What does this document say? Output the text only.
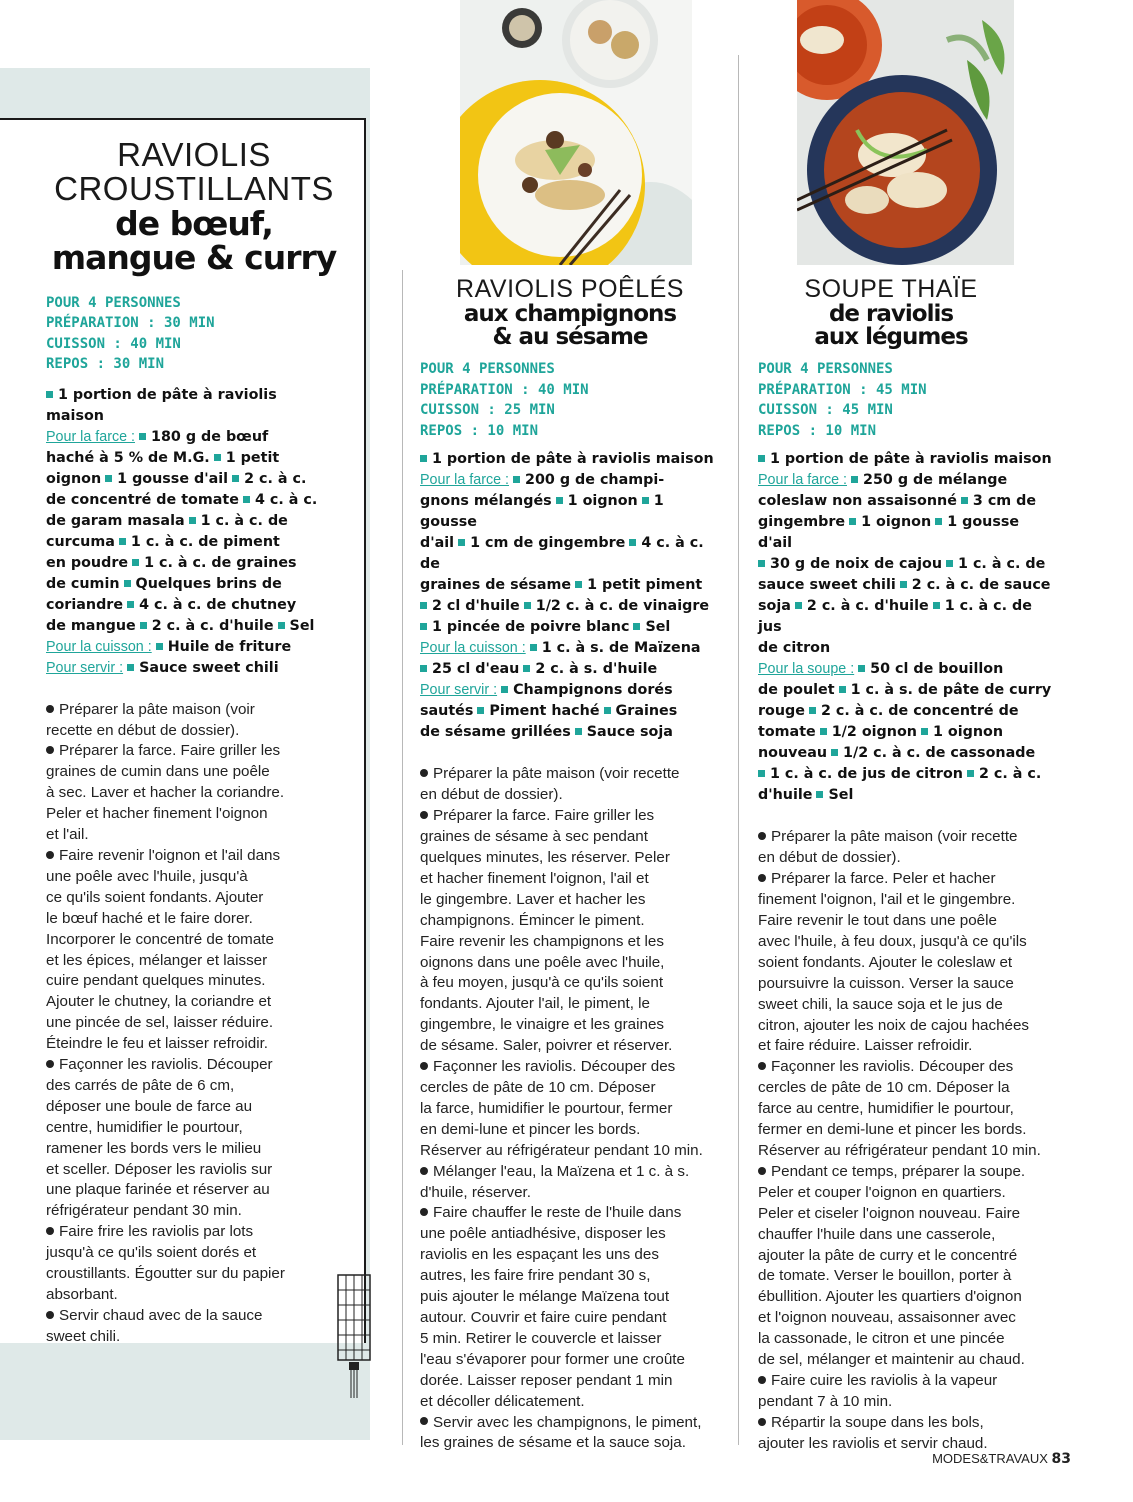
RAVIOLIS

CROUSTILLANTS

de bœuf,

mangue & curry

POUR 4 PERSONNES

PRÉPARATION : 30 MIN

CUISSON : 40 MIN

REPOS : 30 MIN

1 portion de pâte à raviolis

maison

Pour la farce : 180 g de bœuf

haché à 5 % de M.G. 1 petit

oignon 1 gousse d'ail 2 c. à c.

de concentré de tomate 4 c. à c.

de garam masala 1 c. à c. de

curcuma 1 c. à c. de piment

en poudre 1 c. à c. de graines

de cumin Quelques brins de

coriandre 4 c. à c. de chutney

de mangue 2 c. à c. d'huile Sel

Pour la cuisson : Huile de friture

Pour servir : Sauce sweet chili

Préparer la pâte maison (voir

recette en début de dossier).

Préparer la farce. Faire griller les

graines de cumin dans une poêle

à sec. Laver et hacher la coriandre.

Peler et hacher finement l'oignon

et l'ail.

Faire revenir l'oignon et l'ail dans

une poêle avec l'huile, jusqu'à

ce qu'ils soient fondants. Ajouter

le bœuf haché et le faire dorer.

Incorporer le concentré de tomate

et les épices, mélanger et laisser

cuire pendant quelques minutes.

Ajouter le chutney, la coriandre et

une pincée de sel, laisser réduire.

Éteindre le feu et laisser refroidir.

Façonner les raviolis. Découper

des carrés de pâte de 6 cm,

déposer une boule de farce au

centre, humidifier le pourtour,

ramener les bords vers le milieu

et sceller. Déposer les raviolis sur

une plaque farinée et réserver au

réfrigérateur pendant 30 min.

Faire frire les raviolis par lots

jusqu'à ce qu'ils soient dorés et

croustillants. Égoutter sur du papier

absorbant.

Servir chaud avec de la sauce

sweet chili.

RAVIOLIS POÊLÉS

aux champignons

& au sésame

POUR 4 PERSONNES

PRÉPARATION : 40 MIN

CUISSON : 25 MIN

REPOS : 10 MIN

1 portion de pâte à raviolis maison

Pour la farce : 200 g de champi-

gnons mélangés 1 oignon 1 gousse

d'ail 1 cm de gingembre 4 c. à c. de

graines de sésame 1 petit piment

2 cl d'huile 1/2 c. à c. de vinaigre

1 pincée de poivre blanc Sel

Pour la cuisson : 1 c. à s. de Maïzena

25 cl d'eau 2 c. à s. d'huile

Pour servir : Champignons dorés

sautés Piment haché Graines

de sésame grillées Sauce soja

Préparer la pâte maison (voir recette

en début de dossier).

Préparer la farce. Faire griller les

graines de sésame à sec pendant

quelques minutes, les réserver. Peler

et hacher finement l'oignon, l'ail et

le gingembre. Laver et hacher les

champignons. Émincer le piment.

Faire revenir les champignons et les

oignons dans une poêle avec l'huile,

à feu moyen, jusqu'à ce qu'ils soient

fondants. Ajouter l'ail, le piment, le

gingembre, le vinaigre et les graines

de sésame. Saler, poivrer et réserver.

Façonner les raviolis. Découper des

cercles de pâte de 10 cm. Déposer

la farce, humidifier le pourtour, fermer

en demi-lune et pincer les bords.

Réserver au réfrigérateur pendant 10 min.

Mélanger l'eau, la Maïzena et 1 c. à s.

d'huile, réserver.

Faire chauffer le reste de l'huile dans

une poêle antiadhésive, disposer les

raviolis en les espaçant les uns des

autres, les faire frire pendant 30 s,

puis ajouter le mélange Maïzena tout

autour. Couvrir et faire cuire pendant

5 min. Retirer le couvercle et laisser

l'eau s'évaporer pour former une croûte

dorée. Laisser reposer pendant 1 min

et décoller délicatement.

Servir avec les champignons, le piment,

les graines de sésame et la sauce soja.

SOUPE THAÏE

de raviolis

aux légumes

POUR 4 PERSONNES

PRÉPARATION : 45 MIN

CUISSON : 45 MIN

REPOS : 10 MIN

1 portion de pâte à raviolis maison

Pour la farce : 250 g de mélange

coleslaw non assaisonné 3 cm de

gingembre 1 oignon 1 gousse d'ail

30 g de noix de cajou 1 c. à c. de

sauce sweet chili 2 c. à c. de sauce

soja 2 c. à c. d'huile 1 c. à c. de jus

de citron

Pour la soupe : 50 cl de bouillon

de poulet 1 c. à s. de pâte de curry

rouge 2 c. à c. de concentré de

tomate 1/2 oignon 1 oignon

nouveau 1/2 c. à c. de cassonade

1 c. à c. de jus de citron 2 c. à c.

d'huile Sel

Préparer la pâte maison (voir recette

en début de dossier).

Préparer la farce. Peler et hacher

finement l'oignon, l'ail et le gingembre.

Faire revenir le tout dans une poêle

avec l'huile, à feu doux, jusqu'à ce qu'ils

soient fondants. Ajouter le coleslaw et

poursuivre la cuisson. Verser la sauce

sweet chili, la sauce soja et le jus de

citron, ajouter les noix de cajou hachées

et faire réduire. Laisser refroidir.

Façonner les raviolis. Découper des

cercles de pâte de 10 cm. Déposer la

farce au centre, humidifier le pourtour,

fermer en demi-lune et pincer les bords.

Réserver au réfrigérateur pendant 10 min.

Pendant ce temps, préparer la soupe.

Peler et couper l'oignon en quartiers.

Peler et ciseler l'oignon nouveau. Faire

chauffer l'huile dans une casserole,

ajouter la pâte de curry et le concentré

de tomate. Verser le bouillon, porter à

ébullition. Ajouter les quartiers d'oignon

et l'oignon nouveau, assaisonner avec

la cassonade, le citron et une pincée

de sel, mélanger et maintenir au chaud.

Faire cuire les raviolis à la vapeur

pendant 7 à 10 min.

Répartir la soupe dans les bols,

ajouter les raviolis et servir chaud.

MODES&TRAVAUX 83
